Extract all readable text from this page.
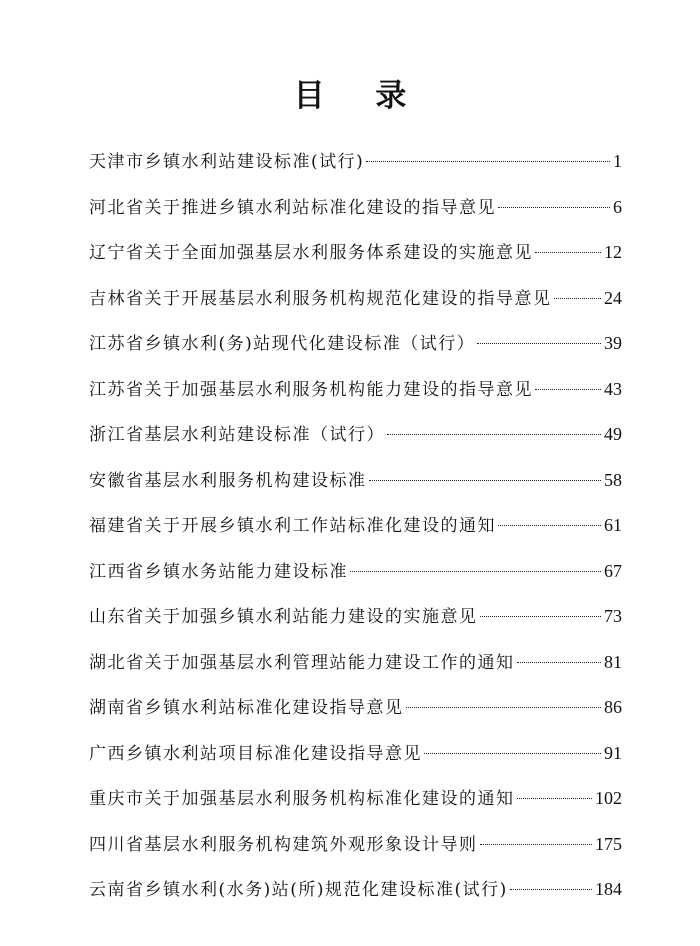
目 录
天津市乡镇水利站建设标准(试行)	1
河北省关于推进乡镇水利站标准化建设的指导意见	6
辽宁省关于全面加强基层水利服务体系建设的实施意见	12
吉林省关于开展基层水利服务机构规范化建设的指导意见	24
江苏省乡镇水利(务)站现代化建设标准（试行）	39
江苏省关于加强基层水利服务机构能力建设的指导意见	43
浙江省基层水利站建设标准（试行）	49
安徽省基层水利服务机构建设标准	58
福建省关于开展乡镇水利工作站标准化建设的通知	61
江西省乡镇水务站能力建设标准	67
山东省关于加强乡镇水利站能力建设的实施意见	73
湖北省关于加强基层水利管理站能力建设工作的通知	81
湖南省乡镇水利站标准化建设指导意见	86
广西乡镇水利站项目标准化建设指导意见	91
重庆市关于加强基层水利服务机构标准化建设的通知	102
四川省基层水利服务机构建筑外观形象设计导则	175
云南省乡镇水利(水务)站(所)规范化建设标准(试行)	184
